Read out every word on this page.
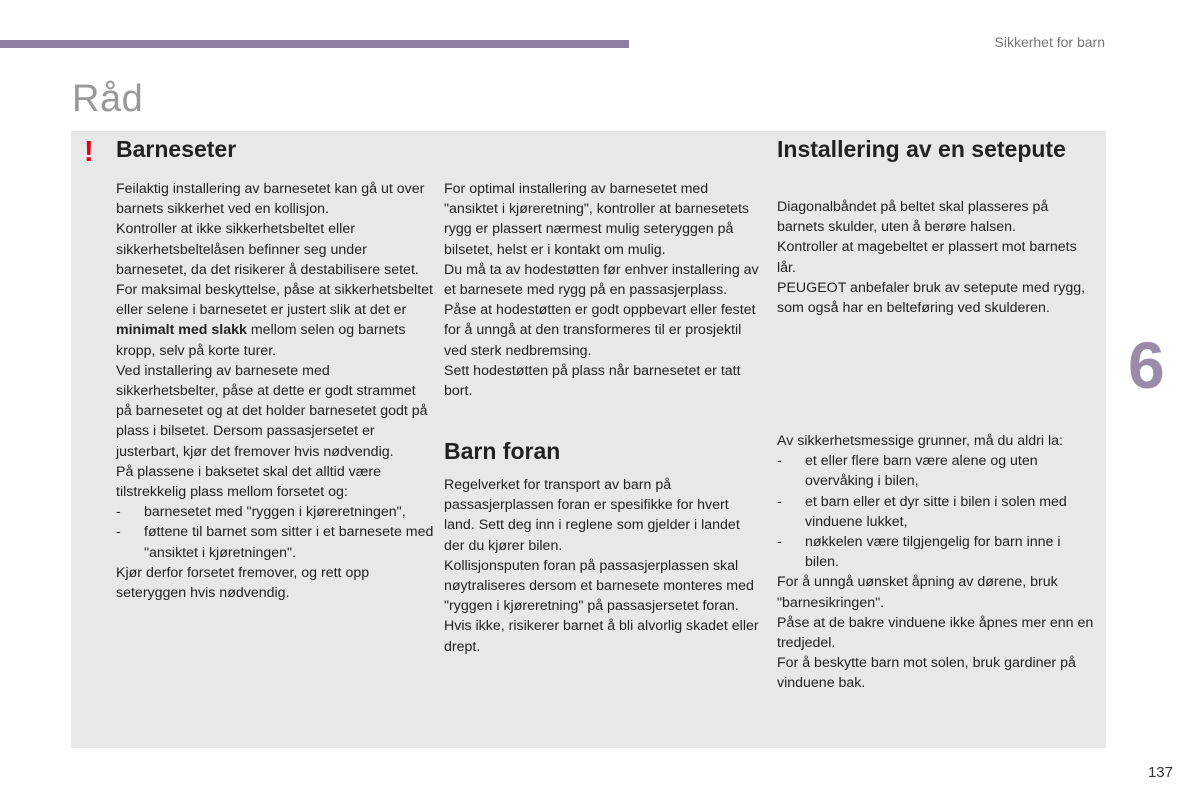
Sikkerhet for barn
Råd
! Barneseter

Feilaktig installering av barnesetet kan gå ut over barnets sikkerhet ved en kollisjon.

Kontroller at ikke sikkerhetsbeltet eller sikkerhetsbeltelåsen befinner seg under barnesetet, da det risikerer å destabilisere setet.

For maksimal beskyttelse, påse at sikkerhetsbeltet eller selene i barnesetet er justert slik at det er minimalt med slakk mellom selen og barnets kropp, selv på korte turer.

Ved installering av barnesete med sikkerhetsbelter, påse at dette er godt strammet på barnesetet og at det holder barnesetet godt på plass i bilsetet. Dersom passasjersetet er justerbart, kjør det fremover hvis nødvendig.

På plassene i baksetet skal det alltid være tilstrekkelig plass mellom forsetet og:

- barnesetet med "ryggen i kjøreretningen",

- føttene til barnet som sitter i et barnesete med "ansiktet i kjøretningen".

Kjør derfor forsetet fremover, og rett opp seteryggen hvis nødvendig.

For optimal installering av barnesetet med "ansiktet i kjøreretning", kontroller at barnesetets rygg er plassert nærmest mulig seteryggen på bilsetet, helst er i kontakt om mulig.

Du må ta av hodestøtten før enhver installering av et barnesete med rygg på en passasjerplass.

Påse at hodestøtten er godt oppbevart eller festet for å unngå at den transformeres til er prosjektil ved sterk nedbremsing.

Sett hodestøtten på plass når barnesetet er tatt bort.

Barn foran

Regelverket for transport av barn på passasjerplassen foran er spesifikke for hvert land. Sett deg inn i reglene som gjelder i landet der du kjører bilen.

Kollisjonsputen foran på passasjerplassen skal nøytraliseres dersom et barnesete monteres med "ryggen i kjøreretning" på passasjersetet foran. Hvis ikke, risikerer barnet å bli alvorlig skadet eller drept.

Installering av en setepute

Diagonalbåndet på beltet skal plasseres på barnets skulder, uten å berøre halsen.

Kontroller at magebeltet er plassert mot barnets lår.

PEUGEOT anbefaler bruk av setepute med rygg, som også har en belteføring ved skulderen.

Av sikkerhetsmessige grunner, må du aldri la:

- et eller flere barn være alene og uten overvåking i bilen,

- et barn eller et dyr sitte i bilen i solen med vinduene lukket,

- nøkkelen være tilgjengelig for barn inne i bilen.

For å unngå uønsket åpning av dørene, bruk "barnesikringen".

Påse at de bakre vinduene ikke åpnes mer enn en tredjedel.

For å beskytte barn mot solen, bruk gardiner på vinduene bak.

6
137
